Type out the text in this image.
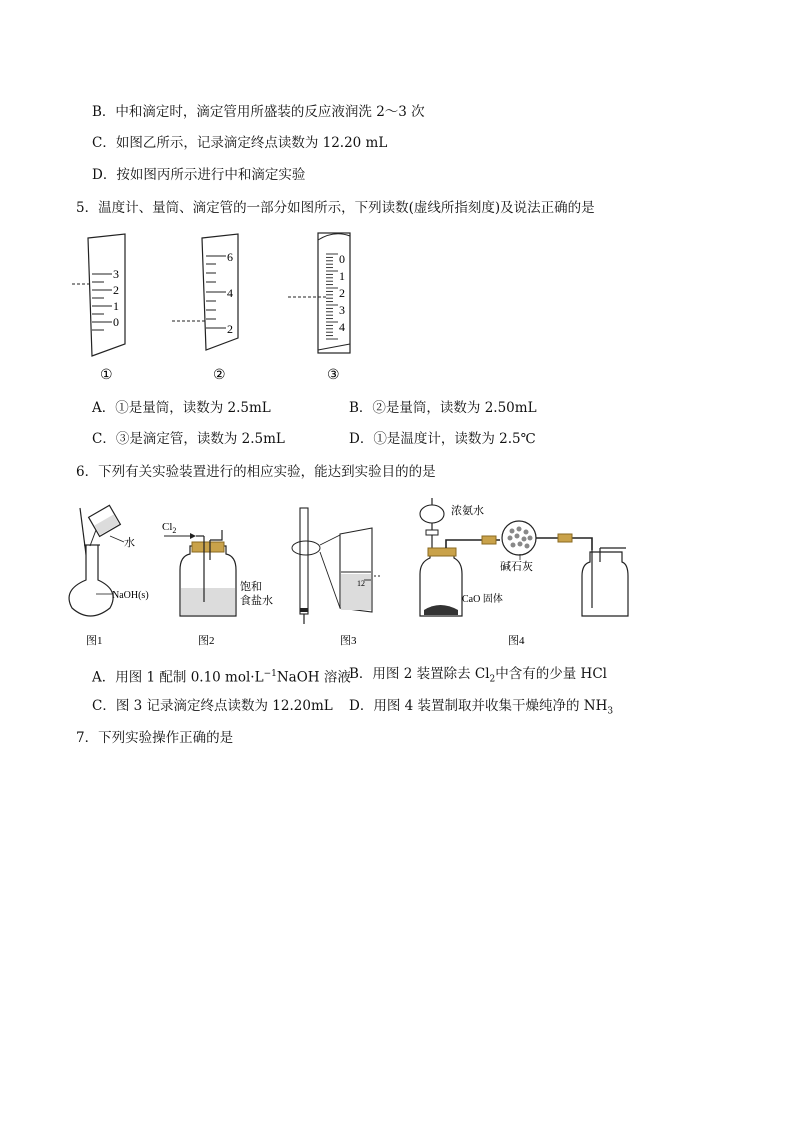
B．中和滴定时，滴定管用所盛装的反应液润洗 2～3 次
C．如图乙所示，记录滴定终点读数为 12.20 mL
D．按如图丙所示进行中和滴定实验
5．温度计、量筒、滴定管的一部分如图所示，下列读数(虚线所指刻度)及说法正确的是
3
2
1
0
6
4
2
0
1
2
3
4
①	②	③
A．①是量筒，读数为 2.5mL	B．②是量筒，读数为 2.50mL
C．③是滴定管，读数为 2.5mL	D．①是温度计，读数为 2.5℃
6．下列有关实验装置进行的相应实验，能达到实验目的的是
水
NaOH(s)
图1
$Cl_2$
饱和
食盐水
图2
12
图3
浓氨水
CaO 固体
碱石灰
图4
A．用图 1 配制 0.10 $mol\cdot L^{-1}NaOH$ 溶液
B．用图 2 装置除去 $Cl_2$中含有的少量 HCl
C．图 3 记录滴定终点读数为 12.20mL D．用图 4 装置制取并收集干燥纯净的 $NH_3$
7．下列实验操作正确的是
